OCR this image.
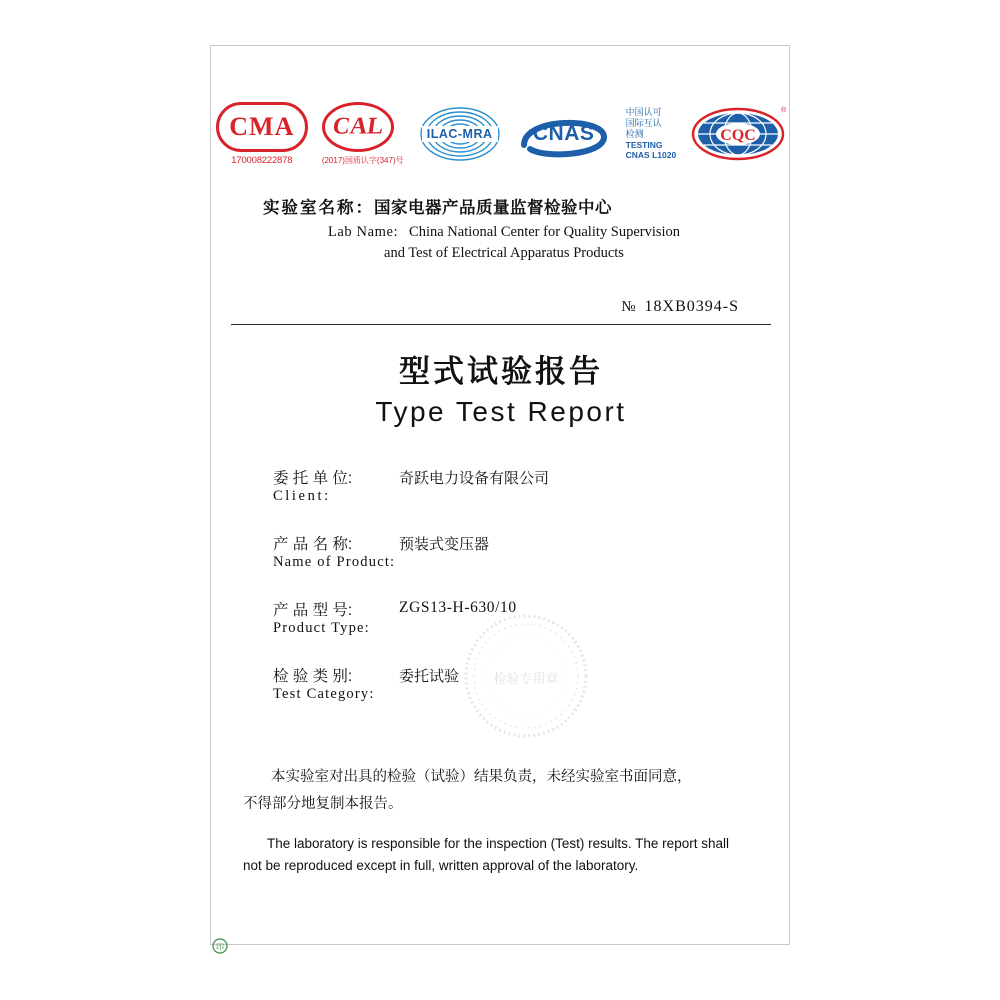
CMA
170008222878
CAL
(2017)国质认字(347)号
ILAC-MRA	CNAS
中国认可
国际互认
检测
TESTING
CNAS L1020
CQC
®
实验室名称：国家电器产品质量监督检验中心
Lab Name: China National Center for Quality Supervision
and Test of Electrical Apparatus Products
№ 18XB0394-S
型式试验报告
Type Test Report
委 托 单 位:
Client:
奇跃电力设备有限公司
产 品 名 称:
Name of Product:
预装式变压器
产 品 型 号:
Product Type:
ZGS13-H-630/10
检 验 类 别:
Test Category:
委托试验	检验专用章
本实验室对出具的检验（试验）结果负责，未经实验室书面同意，
不得部分地复制本报告。
The laboratory is responsible for the inspection (Test) results. The report shall
not be reproduced except in full, written approval of the laboratory.
印
